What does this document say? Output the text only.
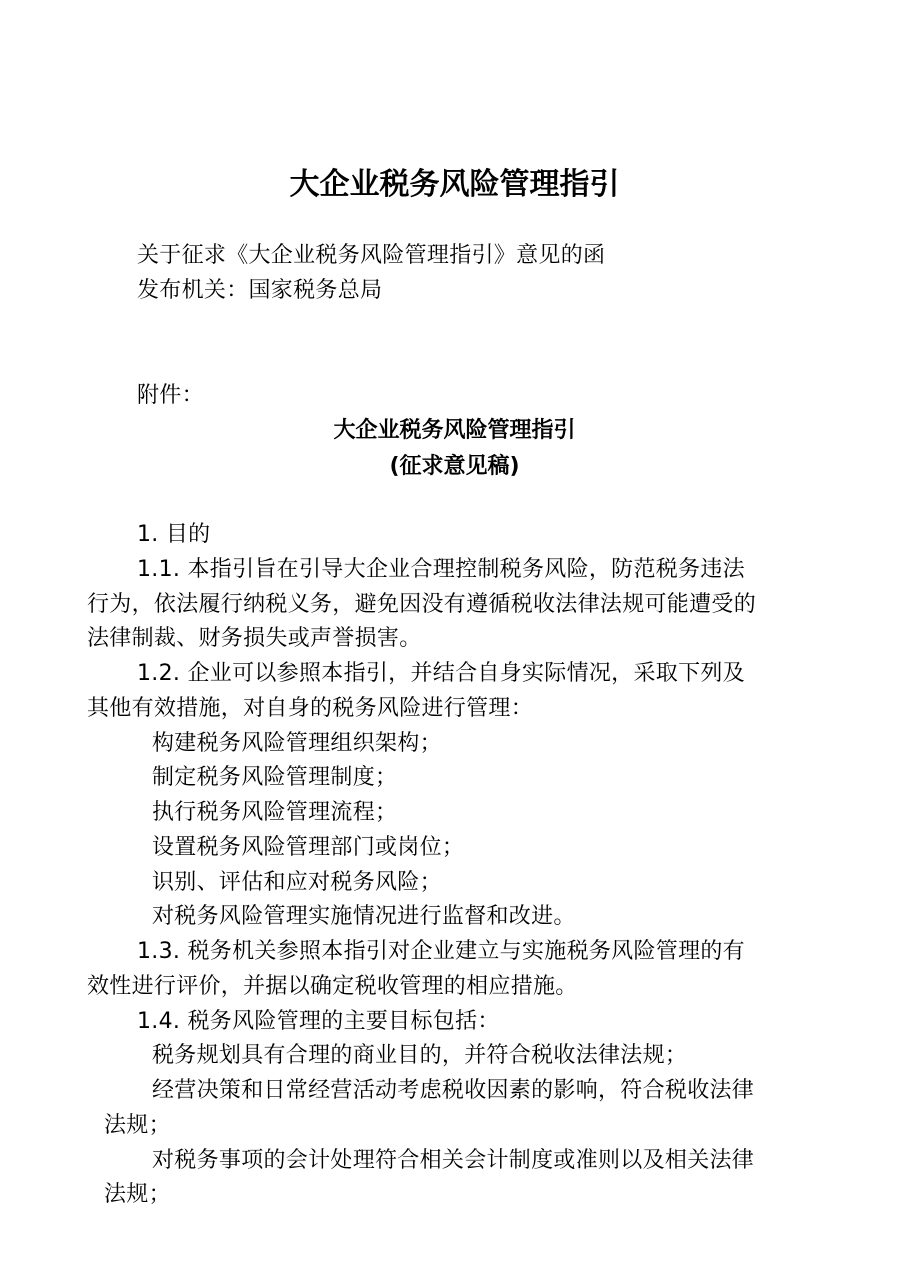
大企业税务风险管理指引
关于征求《大企业税务风险管理指引》意见的函
发布机关：国家税务总局
附件：
大企业税务风险管理指引
(征求意见稿)
1. 目的
1.1. 本指引旨在引导大企业合理控制税务风险，防范税务违法
行为，依法履行纳税义务，避免因没有遵循税收法律法规可能遭受的
法律制裁、财务损失或声誉损害。
1.2. 企业可以参照本指引，并结合自身实际情况，采取下列及
其他有效措施，对自身的税务风险进行管理：
构建税务风险管理组织架构；
制定税务风险管理制度；
执行税务风险管理流程；
设置税务风险管理部门或岗位；
识别、评估和应对税务风险；
对税务风险管理实施情况进行监督和改进。
1.3. 税务机关参照本指引对企业建立与实施税务风险管理的有
效性进行评价，并据以确定税收管理的相应措施。
1.4. 税务风险管理的主要目标包括：
税务规划具有合理的商业目的，并符合税收法律法规；
经营决策和日常经营活动考虑税收因素的影响，符合税收法律
法规；
对税务事项的会计处理符合相关会计制度或准则以及相关法律
法规；
